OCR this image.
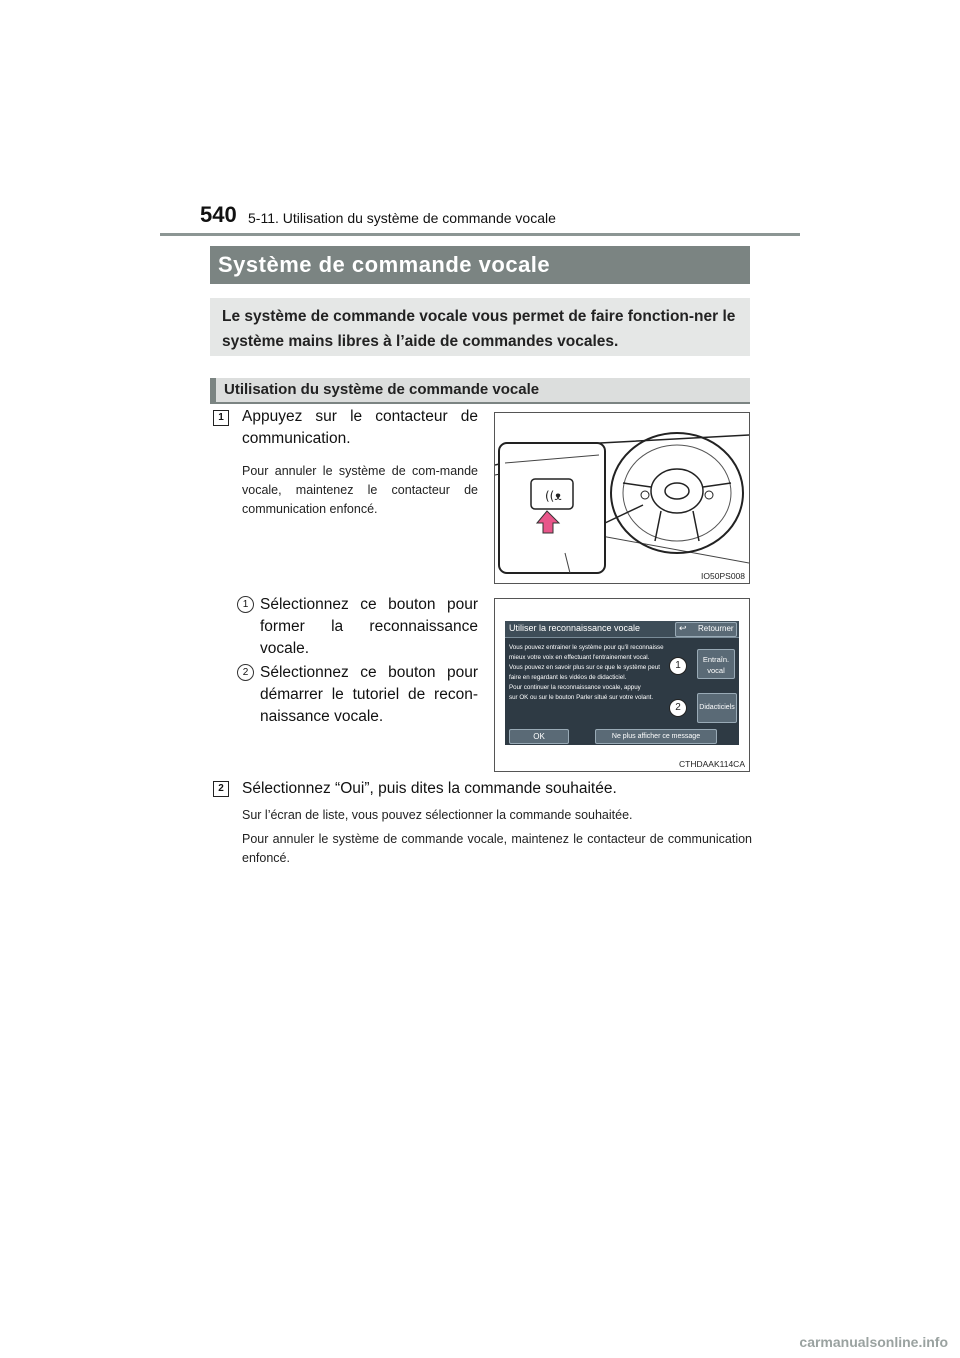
540 5-11. Utilisation du système de commande vocale
Système de commande vocale

Le système de commande vocale vous permet de faire fonction-ner le système mains libres à l’aide de commandes vocales.

Utilisation du système de commande vocale
1	Appuyez sur le contacteur de communication.
Pour annuler le système de com-mande vocale, maintenez le contacteur de communication enfoncé.
((ᴥ
IO50PS008
1 Sélectionnez ce bouton pour former la reconnaissance vocale.
2 Sélectionnez ce bouton pour démarrer le tutoriel de recon-naissance vocale.
Utiliser la reconnaissance vocale	↩ Retourner
Vous pouvez entrainer le système pour qu'il reconnaisse
mieux votre voix en effectuant l'entrainement vocal.
Vous pouvez en savoir plus sur ce que le système peut
faire en regardant les vidéos de didacticiel.
Pour continuer la reconnaissance vocale, appuy
sur OK ou sur le bouton Parler situé sur votre volant.
Entraîn.
vocal
Didacticiels
OK	Ne plus afficher ce message
1
2
CTHDAAK114CA
2	Sélectionnez “Oui”, puis dites la commande souhaitée.
Sur l’écran de liste, vous pouvez sélectionner la commande souhaitée.
Pour annuler le système de commande vocale, maintenez le contacteur de communication enfoncé.
carmanualsonline.info
